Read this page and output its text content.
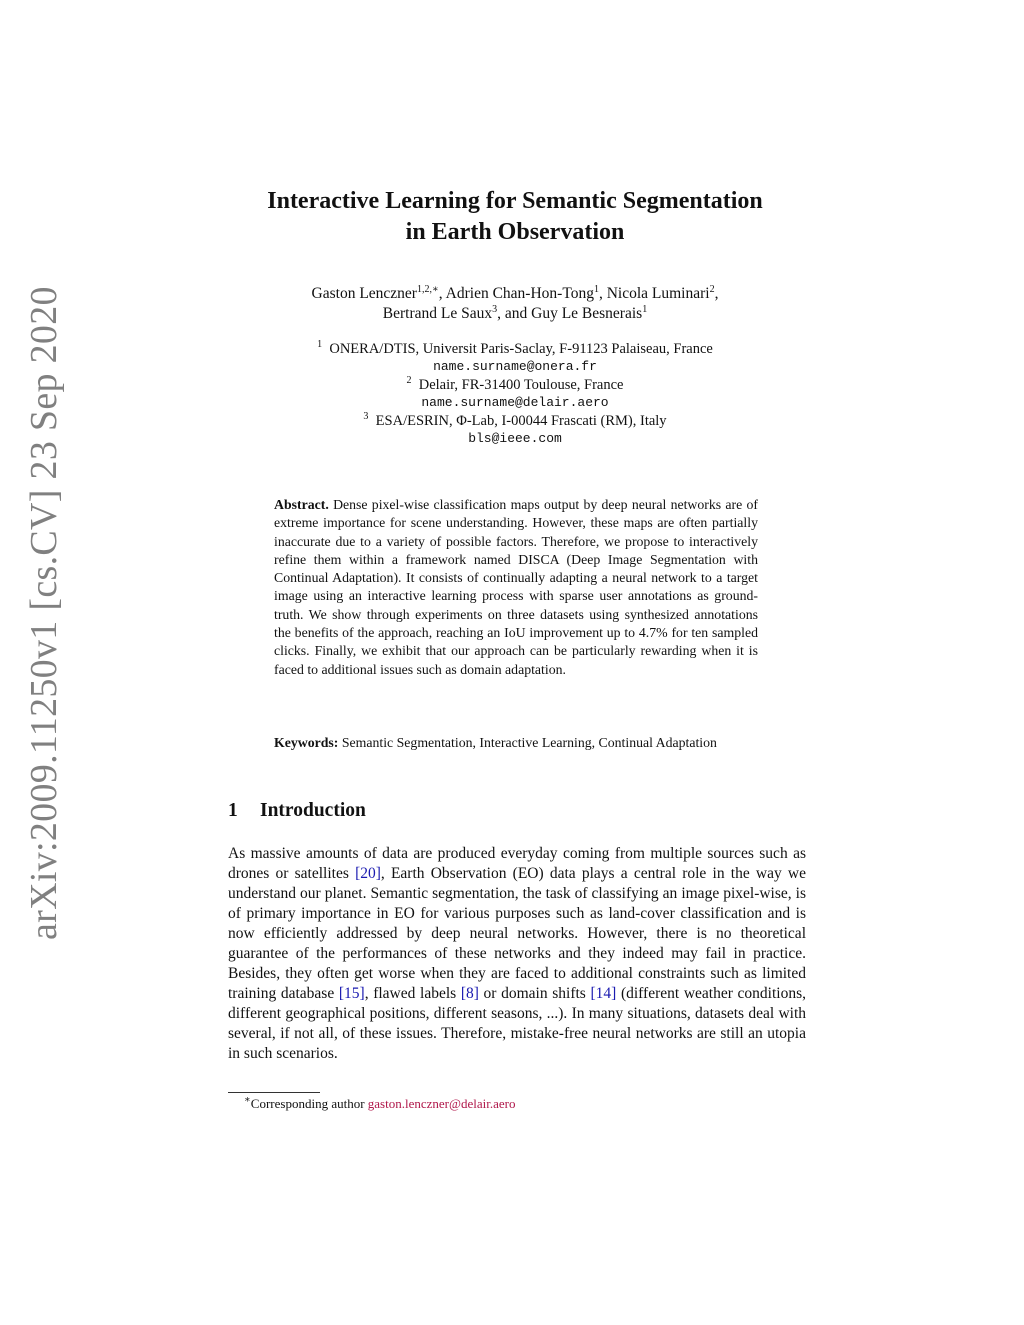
arXiv:2009.11250v1 [cs.CV] 23 Sep 2020
Interactive Learning for Semantic Segmentation
in Earth Observation
Gaston Lenczner$^{1,2,∗}$, Adrien Chan-Hon-Tong$^1$, Nicola Luminari$^2$,
Bertrand Le Saux$^3$, and Guy Le Besnerais$^1$
$^1$ ONERA/DTIS, Universit Paris-Saclay, F-91123 Palaiseau, France
name.surname@onera.fr
$^2$ Delair, FR-31400 Toulouse, France
name.surname@delair.aero
$^3$ ESA/ESRIN, Φ-Lab, I-00044 Frascati (RM), Italy
bls@ieee.com

Abstract. Dense pixel-wise classification maps output by deep neural networks are of extreme importance for scene understanding. However, these maps are often partially inaccurate due to a variety of possible factors. Therefore, we propose to interactively refine them within a framework named DISCA (Deep Image Segmentation with Continual Adaptation). It consists of continually adapting a neural network to a target image using an interactive learning process with sparse user annotations as ground-truth. We show through experiments on three datasets using synthesized annotations the benefits of the approach, reaching an IoU improvement up to 4.7% for ten sampled clicks. Finally, we exhibit that our approach can be particularly rewarding when it is faced to additional issues such as domain adaptation.

Keywords: Semantic Segmentation, Interactive Learning, Continual Adaptation

1 Introduction

As massive amounts of data are produced everyday coming from multiple sources such as drones or satellites [20], Earth Observation (EO) data plays a central role in the way we understand our planet. Semantic segmentation, the task of classifying an image pixel-wise, is of primary importance in EO for various purposes such as land-cover classification and is now efficiently addressed by deep neural networks. However, there is no theoretical guarantee of the performances of these networks and they indeed may fail in practice. Besides, they often get worse when they are faced to additional constraints such as limited training database [15], flawed labels [8] or domain shifts [14] (different weather conditions, different geographical positions, different seasons, ...). In many situations, datasets deal with several, if not all, of these issues. Therefore, mistake-free neural networks are still an utopia in such scenarios.

∗Corresponding author gaston.lenczner@delair.aero
